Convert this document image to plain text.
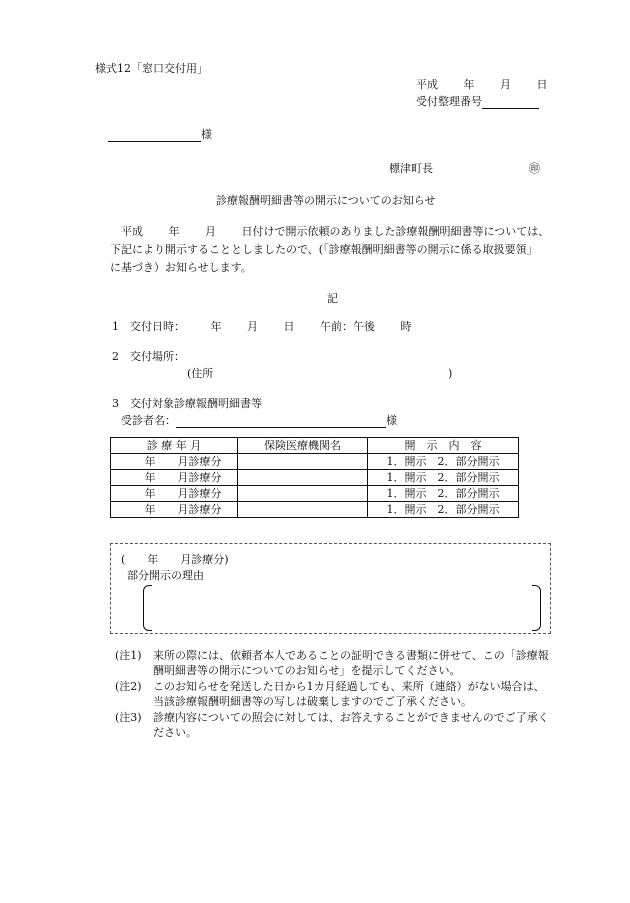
様式12「窓口交付用」
平成 年 月 日
受付整理番号
様
標津町長	㊞
診療報酬明細書等の開示についてのお知らせ
平成 年 月 日付けで開示依頼のありました診療報酬明細書等については、
下記により開示することとしましたので、(「診療報酬明細書等の開示に係る取扱要領」
に基づき）お知らせします。
記
1　交付日時： 年 月 日 午前：午後 時
2　交付場所：
(住所	)
3　交付対象診療報酬明細書等
受診者名：	様
診 療 年 月	保険医療機関名	開　示　内　容
年　　月診療分		1．開示　2．部分開示
年　　月診療分		1．開示　2．部分開示
年　　月診療分		1．開示　2．部分開示
年　　月診療分		1．開示　2．部分開示
(　　年　　月診療分)
部分開示の理由
(注1)	来所の際には、依頼者本人であることの証明できる書類に併せて、この「診療報酬明細書等の開示についてのお知らせ」を提示してください。
(注2)	このお知らせを発送した日から1カ月経過しても、来所（連絡）がない場合は、当該診療報酬明細書等の写しは破棄しますのでご了承ください。
(注3)	診療内容についての照会に対しては、お答えすることができませんのでご了承ください。
